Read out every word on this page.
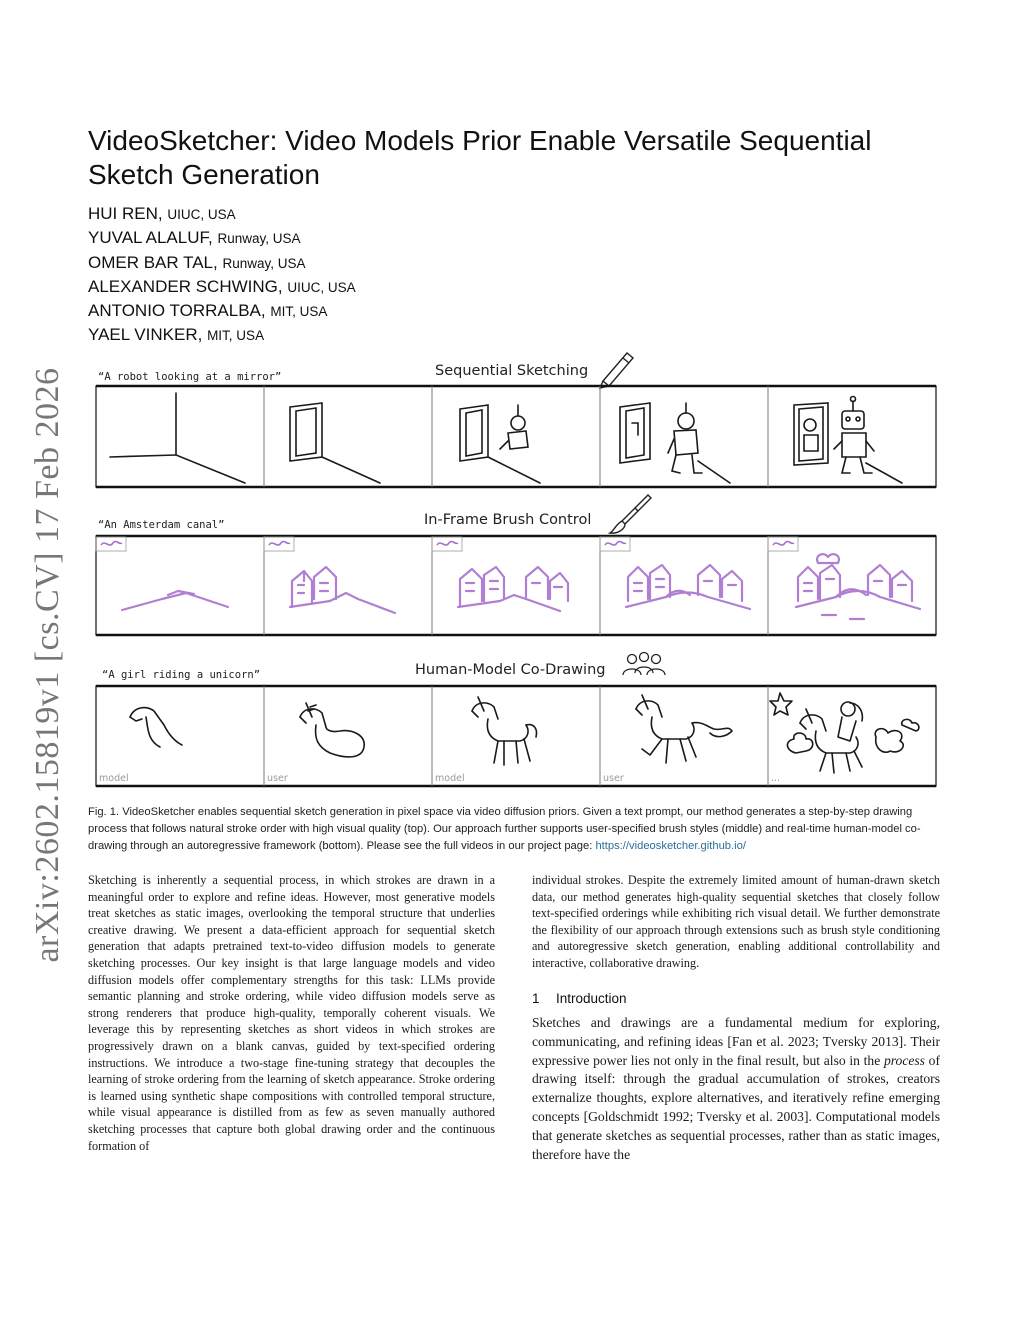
arXiv:2602.15819v1 [cs.CV] 17 Feb 2026
VideoSketcher: Video Models Prior Enable Versatile Sequential Sketch Generation
HUI REN, UIUC, USA
YUVAL ALALUF, Runway, USA
OMER BAR TAL, Runway, USA
ALEXANDER SCHWING, UIUC, USA
ANTONIO TORRALBA, MIT, USA
YAEL VINKER, MIT, USA
“A robot looking at a mirror”	Sequential Sketching
“An Amsterdam canal”	In-Frame Brush Control
“A girl riding a unicorn”	Human-Model Co-Drawing
model	user	model	user	...
Fig. 1. VideoSketcher enables sequential sketch generation in pixel space via video diffusion priors. Given a text prompt, our method generates a step-by-step drawing process that follows natural stroke order with high visual quality (top). Our approach further supports user-specified brush styles (middle) and real-time human-model co-drawing through an autoregressive framework (bottom). Please see the full videos in our project page: https://videosketcher.github.io/
Sketching is inherently a sequential process, in which strokes are drawn in a meaningful order to explore and refine ideas. However, most generative models treat sketches as static images, overlooking the temporal structure that underlies creative drawing. We present a data-efficient approach for sequential sketch generation that adapts pretrained text-to-video diffusion models to generate sketching processes. Our key insight is that large language models and video diffusion models offer complementary strengths for this task: LLMs provide semantic planning and stroke ordering, while video diffusion models serve as strong renderers that produce high-quality, temporally coherent visuals. We leverage this by representing sketches as short videos in which strokes are progressively drawn on a blank canvas, guided by text-specified ordering instructions. We introduce a two-stage fine-tuning strategy that decouples the learning of stroke ordering from the learning of sketch appearance. Stroke ordering is learned using synthetic shape compositions with controlled temporal structure, while visual appearance is distilled from as few as seven manually authored sketching processes that capture both global drawing order and the continuous formation of
individual strokes. Despite the extremely limited amount of human-drawn sketch data, our method generates high-quality sequential sketches that closely follow text-specified orderings while exhibiting rich visual detail. We further demonstrate the flexibility of our approach through extensions such as brush style conditioning and autoregressive sketch generation, enabling additional controllability and interactive, collaborative drawing.
1 Introduction
Sketches and drawings are a fundamental medium for exploring, communicating, and refining ideas [Fan et al. 2023; Tversky 2013]. Their expressive power lies not only in the final result, but also in the process of drawing itself: through the gradual accumulation of strokes, creators externalize thoughts, explore alternatives, and iteratively refine emerging concepts [Goldschmidt 1992; Tversky et al. 2003]. Computational models that generate sketches as sequential processes, rather than as static images, therefore have the
